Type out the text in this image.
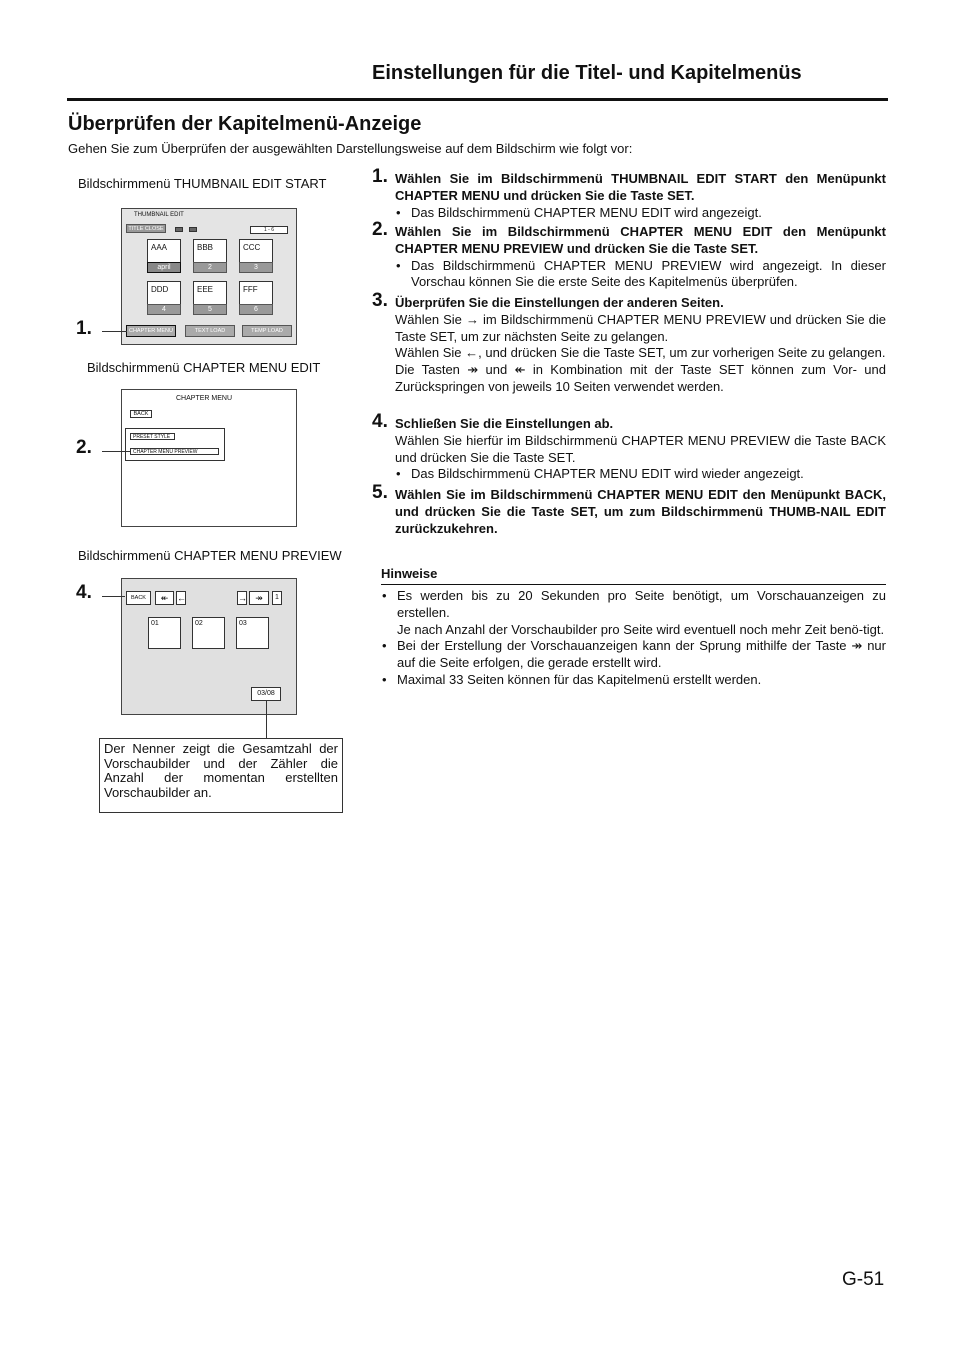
Einstellungen für die Titel- und Kapitelmenüs
Überprüfen der Kapitelmenü-Anzeige
Gehen Sie zum Überprüfen der ausgewählten Darstellungsweise auf dem Bildschirm wie folgt vor:
Bildschirmmenü THUMBNAIL EDIT START
THUMBNAIL EDIT
TITLE CLOSE	1 - 6
AAA
april
BBB
2
CCC
3
DDD
4
EEE
5
FFF
6
CHAPTER MENU	TEXT LOAD	TEMP LOAD
1.
Bildschirmmenü CHAPTER MENU EDIT
CHAPTER MENU
BACK
PRESET STYLE
CHAPTER MENU PREVIEW
2.
Bildschirmmenü CHAPTER MENU PREVIEW
BACK	↞ ←	→ ↠	1
01	02	03
03/08
4.
Der Nenner zeigt die Gesamtzahl der Vorschaubilder und der Zähler die Anzahl der momentan erstellten Vorschaubilder an.
1. Wählen Sie im Bildschirmmenü THUMBNAIL EDIT START den Menüpunkt CHAPTER MENU und drücken Sie die Taste SET.
• Das Bildschirmmenü CHAPTER MENU EDIT wird angezeigt.
2. Wählen Sie im Bildschirmmenü CHAPTER MENU EDIT den Menüpunkt CHAPTER MENU PREVIEW und drücken Sie die Taste SET.
• Das Bildschirmmenü CHAPTER MENU PREVIEW wird angezeigt. In dieser Vorschau können Sie die erste Seite des Kapitelmenüs überprüfen.
3. Überprüfen Sie die Einstellungen der anderen Seiten.
Wählen Sie → im Bildschirmmenü CHAPTER MENU PREVIEW und drücken Sie die Taste SET, um zur nächsten Seite zu gelangen.
Wählen Sie ←, und drücken Sie die Taste SET, um zur vorherigen Seite zu gelangen.
Die Tasten ↠ und ↞ in Kombination mit der Taste SET können zum Vor- und Zurückspringen von jeweils 10 Seiten verwendet werden.
4. Schließen Sie die Einstellungen ab.
Wählen Sie hierfür im Bildschirmmenü CHAPTER MENU PREVIEW die Taste BACK und drücken Sie die Taste SET.
• Das Bildschirmmenü CHAPTER MENU EDIT wird wieder angezeigt.
5. Wählen Sie im Bildschirmmenü CHAPTER MENU EDIT den Menüpunkt BACK, und drücken Sie die Taste SET, um zum Bildschirmmenü THUMB-NAIL EDIT zurückzukehren.
Hinweise
• Es werden bis zu 20 Sekunden pro Seite benötigt, um Vorschauanzeigen zu erstellen.
Je nach Anzahl der Vorschaubilder pro Seite wird eventuell noch mehr Zeit benö-tigt.
• Bei der Erstellung der Vorschauanzeigen kann der Sprung mithilfe der Taste ↠ nur auf die Seite erfolgen, die gerade erstellt wird.
• Maximal 33 Seiten können für das Kapitelmenü erstellt werden.
G-51
